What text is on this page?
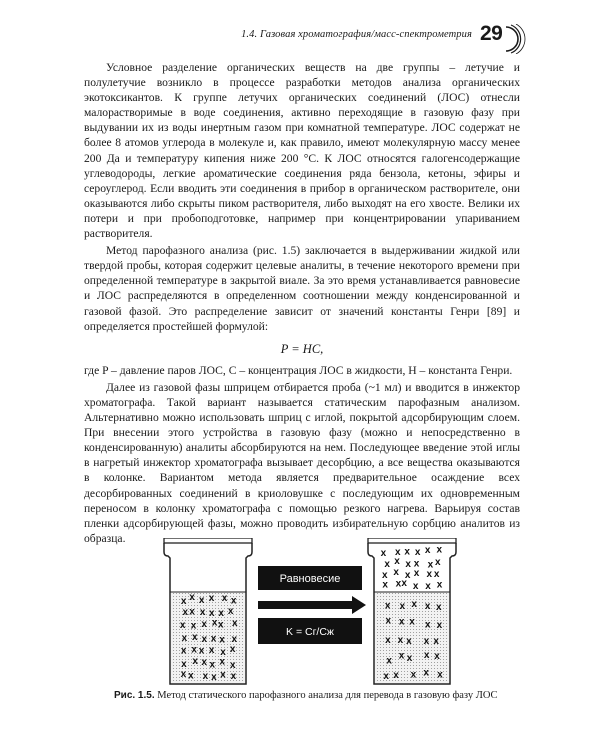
1.4. Газовая хроматография/масс-спектрометрия 29

Условное разделение органических веществ на две группы – летучие и полулетучие возникло в процессе разработки методов анализа органических экотоксикантов. К группе летучих органических соединений (ЛОС) отнесли малорастворимые в воде соединения, активно переходящие в газовую фазу при выдувании их из воды инертным газом при комнатной температуре. ЛОС содержат не более 8 атомов углерода в молекуле и, как правило, имеют молекулярную массу менее 200 Да и температуру кипения ниже 200 °С. К ЛОС относятся галогенсодержащие углеводороды, легкие ароматические соединения ряда бензола, кетоны, эфиры и сероуглерод. Если вводить эти соединения в прибор в органическом растворителе, они оказываются либо скрыты пиком растворителя, либо выходят на его хвосте. Велики их потери и при пробоподготовке, например при концентрировании упариванием растворителя.

Метод парофазного анализа (рис. 1.5) заключается в выдерживании жидкой или твердой пробы, которая содержит целевые аналиты, в течение некоторого времени при определенной температуре в закрытой виале. За это время устанавливается равновесие и ЛОС распределяются в определенном соотношении между конденсированной и газовой фазой. Это распределение зависит от значений константы Генри [89] и определяется простейшей формулой:

P = HC,

где P – давление паров ЛОС, C – концентрация ЛОС в жидкости, H – константа Генри.

Далее из газовой фазы шприцем отбирается проба (~1 мл) и вводится в инжектор хроматографа. Такой вариант называется статическим парофазным анализом. Альтернативно можно использовать шприц с иглой, покрытой адсорбирующим слоем. При внесении этого устройства в газовую фазу (можно и непосредственно в конденсированную) аналиты абсорбируются на нем. Последующее введение этой иглы в нагретый инжектор хроматографа вызывает десорбцию, а все вещества оказываются в колонке. Вариантом метода является предварительное осаждение всех десорбированных соединений в криоловушке с последующим их одновременным переносом в колонку хроматографа с помощью резкого нагрева. Варьируя состав пленки адсорбирующей фазы, можно проводить избирательную сорбцию аналитов из образца.

x x x x x x
x x x x x x
x x x x x x
x x x x x x
x x x x x x
x x x x x x
x x x x x x
x x x x x x
x x x x x x
x x x x x x
x x x x x x
x x x x x
x x x x x
x x x x x
x x x x x
x x x x x
Равновесие
K = Cг/Cж
Рис. 1.5. Метод статического парофазного анализа для перевода в газовую фазу ЛОС
